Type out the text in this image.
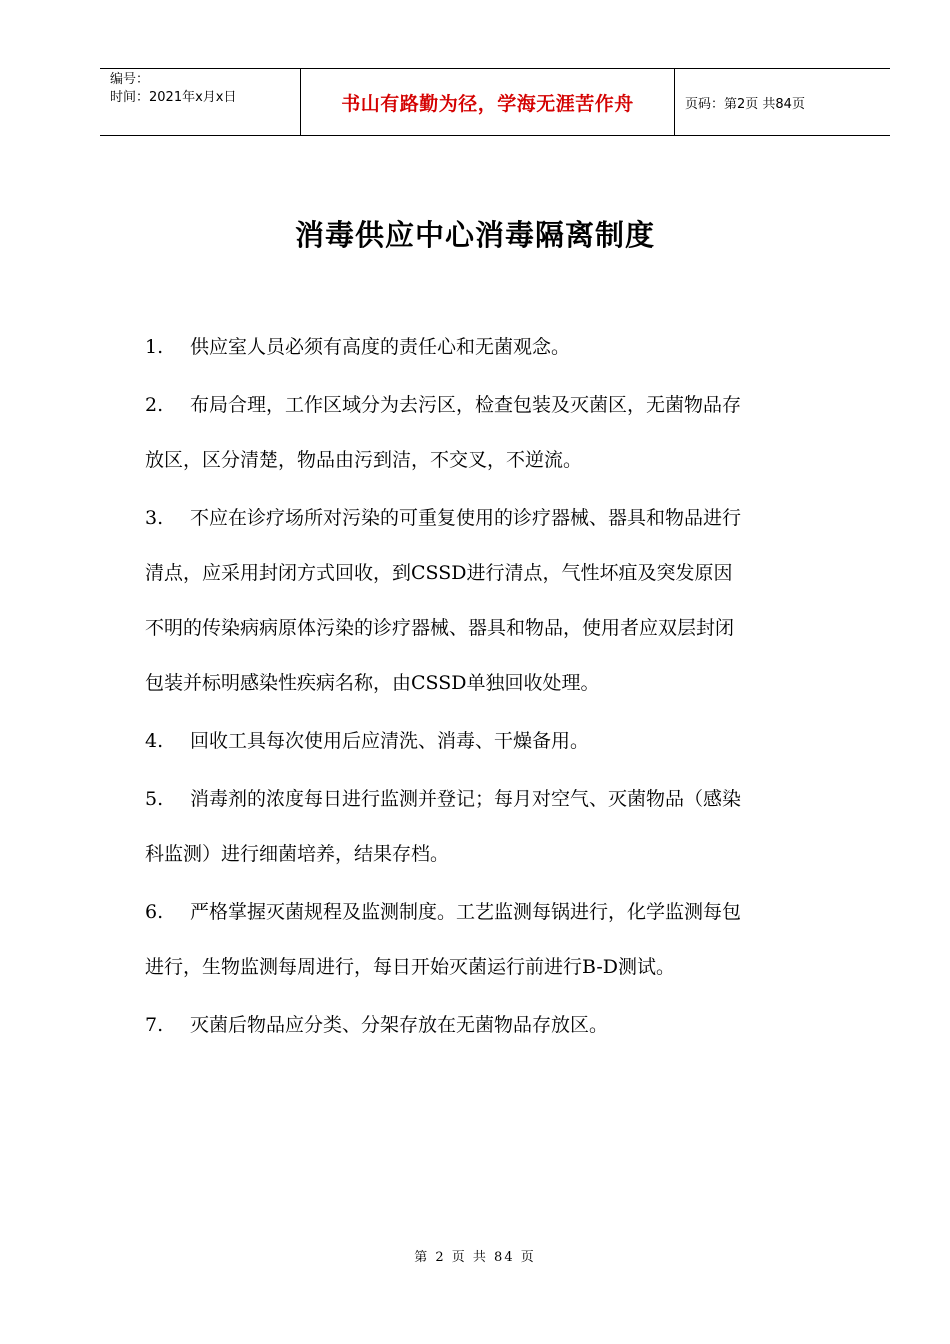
编号：
时间：2021年x月x日	书山有路勤为径，学海无涯苦作舟	页码：第2页 共84页
消毒供应中心消毒隔离制度
1. 供应室人员必须有高度的责任心和无菌观念。
2. 布局合理，工作区域分为去污区，检查包装及灭菌区，无菌物品存
放区，区分清楚，物品由污到洁，不交叉，不逆流。
3. 不应在诊疗场所对污染的可重复使用的诊疗器械、器具和物品进行
清点，应采用封闭方式回收，到CSSD进行清点，气性坏疽及突发原因
不明的传染病病原体污染的诊疗器械、器具和物品，使用者应双层封闭
包装并标明感染性疾病名称，由CSSD单独回收处理。
4. 回收工具每次使用后应清洗、消毒、干燥备用。
5. 消毒剂的浓度每日进行监测并登记；每月对空气、灭菌物品（感染
科监测）进行细菌培养，结果存档。
6. 严格掌握灭菌规程及监测制度。工艺监测每锅进行，化学监测每包
进行，生物监测每周进行，每日开始灭菌运行前进行B-D测试。
7. 灭菌后物品应分类、分架存放在无菌物品存放区。
第 2 页 共 84 页
